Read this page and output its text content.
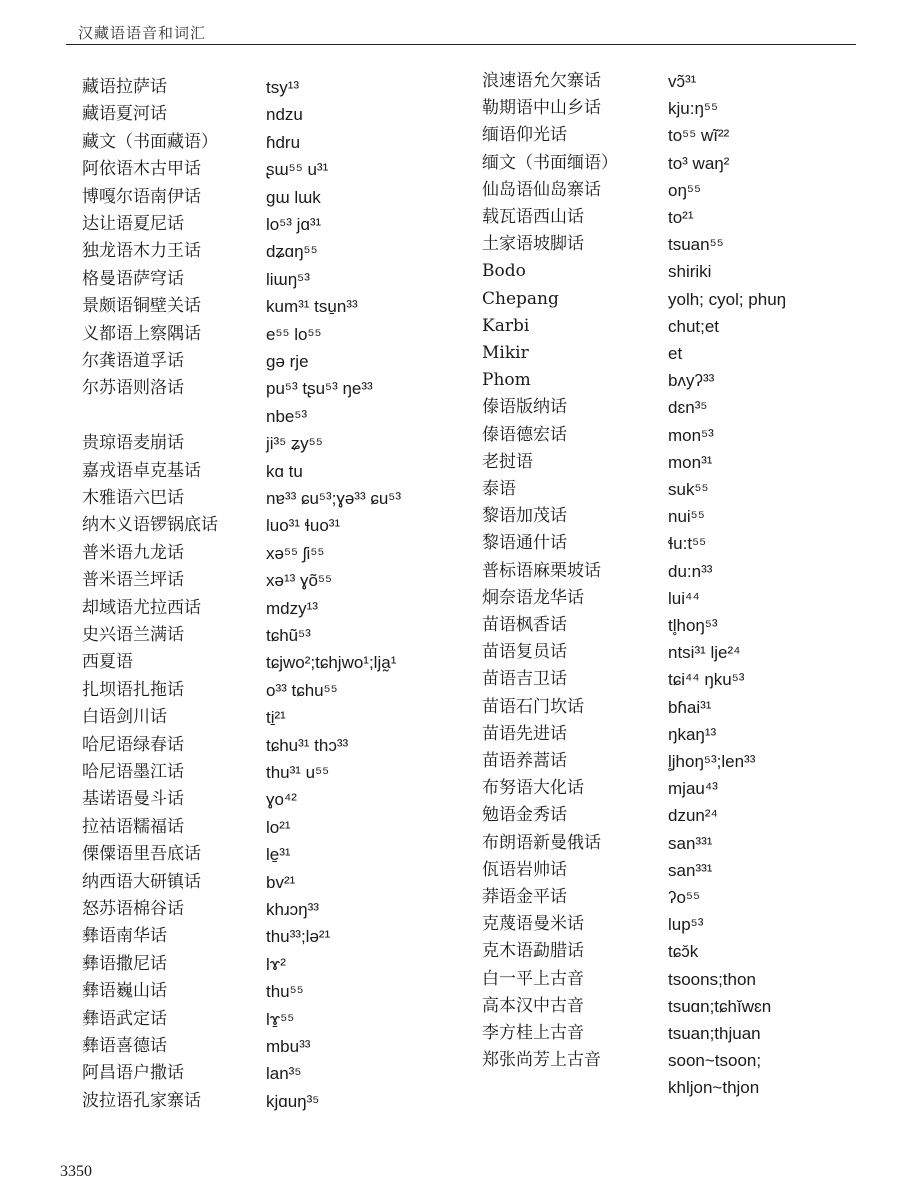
汉藏语语音和词汇
藏语拉萨话	tsy¹³
藏语夏河话	ndzu
藏文（书面藏语）	ɦdru
阿依语木古甲话	ʂɯ⁵⁵ u³¹
博嘎尔语南伊话	gɯ lɯk
达让语夏尼话	lo⁵³ jɑ³¹
独龙语木力王话	dʑɑŋ⁵⁵
格曼语萨穹话	liɯŋ⁵³
景颇语铜壁关话	kum³¹ tsu̱n³³
义都语上察隅话	e⁵⁵ lo⁵⁵
尔龚语道孚话	gə rje
尔苏语则洛话	pu⁵³ tʂu⁵³ ŋe³³
nbe⁵³
贵琼语麦崩话	ji³⁵ ʑy⁵⁵
嘉戎语卓克基话	kɑ tu
木雅语六巴话	nɐ³³ ɕu⁵³;ɣə³³ ɕu⁵³
纳木义语锣锅底话	luo³¹ ɬuo³¹
普米语九龙话	xə⁵⁵ ʃi⁵⁵
普米语兰坪话	xə¹³ ɣõ⁵⁵
却域语尤拉西话	mdzy¹³
史兴语兰满话	tɕhũ⁵³
西夏语	tɕjwo²;tɕhjwo¹;lja̰¹
扎坝语扎拖话	o³³ tɕhu⁵⁵
白语剑川话	ti̱²¹
哈尼语绿春话	tɕhu³¹ thɔ³³
哈尼语墨江话	thu³¹ u⁵⁵
基诺语曼斗话	ɣo⁴²
拉祜语糯福话	lo²¹
傈僳语里吾底话	le̱³¹
纳西语大研镇话	bv²¹
怒苏语棉谷话	khɹɔŋ³³
彝语南华话	thu³³;lə²¹
彝语撒尼话	lɤ²
彝语巍山话	thu⁵⁵
彝语武定话	lɤ̱⁵⁵
彝语喜德话	mbu³³
阿昌语户撒话	lan³⁵
波拉语孔家寨话	kjɑuŋ³⁵
浪速语允欠寨话	vɔ̃³¹
勒期语中山乡话	kju:ŋ⁵⁵
缅语仰光话	to⁵⁵ wĩ²²
缅文（书面缅语）	to³ waŋ²
仙岛语仙岛寨话	oŋ⁵⁵
载瓦语西山话	to²¹
土家语坡脚话	tsuan⁵⁵
Bodo	shiriki
Chepang	yolh; cyol; phuŋ
Karbi	chut;et
Mikir	et
Phom	bʌyʔ³³
傣语版纳话	dɛn³⁵
傣语德宏话	mon⁵³
老挝语	mon³¹
泰语	suk⁵⁵
黎语加茂话	nui⁵⁵
黎语通什话	ɬu:t⁵⁵
普标语麻栗坡话	du:n³³
炯奈语龙华话	lui⁴⁴
苗语枫香话	tl̥hoŋ⁵³
苗语复员话	ntsi³¹ lje²⁴
苗语吉卫话	tɕi⁴⁴ ŋku⁵³
苗语石门坎话	bɦai³¹
苗语先进话	ŋkaŋ¹³
苗语养蒿话	l̥jhoŋ⁵³;len³³
布努语大化话	mjau⁴³
勉语金秀话	dzun²⁴
布朗语新曼俄话	san³³¹
佤语岩帅话	san³³¹
莽语金平话	ʔo⁵⁵
克蔑语曼米话	lup⁵³
克木语勐腊话	tɕɔ̆k
白一平上古音	tsoons;thon
高本汉中古音	tsuɑn;tɕhĭwɛn
李方桂上古音	tsuan;thjuan
郑张尚芳上古音	soon~tsoon;
khljon~thjon
3350
